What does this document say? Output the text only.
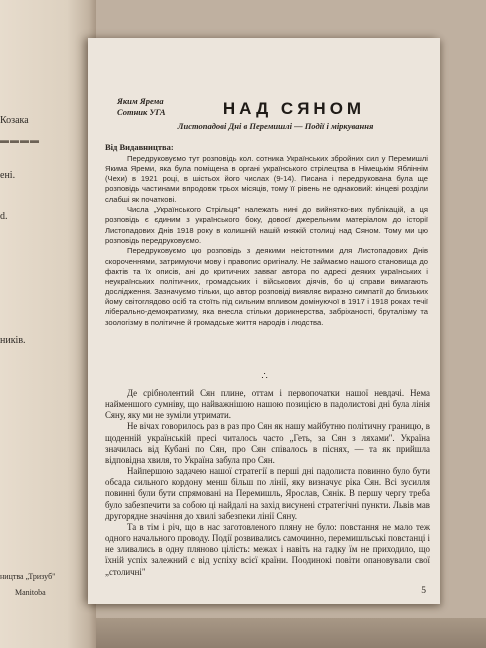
Козака
▬▬▬▬
ені.
d.
ників.
ництва „Тризуб"
Manitoba
Яким Ярема
Сотник УГА	НАД СЯНОМ
Листопадові Дні в Перемишлі — Події і міркування
Від Видавництва:

Передруковуємо тут розповідь кол. сотника Українських збройних сил у Перемишлі Якима Яреми, яка була поміщена в органі українського стрілецтва в Німецькім Ябліннім (Чехи) в 1921 році, в шістьох його числах (9-14). Писана і передрукована була ще розповідь частинами впродовж трьох місяців, тому її рівень не однаковий: кінцеві розділи слабші як початкові.

Числа „Українського Стрільця" належать нині до вийнятко-вих публікацій, а ця розповідь є єдиним з українського боку, довоєї джерельним матеріалом до історії Листопадових Днів 1918 року в колишній нашій княжій столиці над Сяном. Тому ми цю розповідь передруковуємо.

Передруковуємо цю розповідь з деякими неістотними для Листопадових Днів скороченнями, затримуючи мову і правопис оригіналу. Не займаємо нашого становища до фактів та їх описів, ані до критичних завваг автора по адресі деяких українських і неукраїнських політичних, громадських і військових діячів, бо ці справи вимагають дослідження. Зазначуємо тільки, що автор розповіді виявляє виразно симпатії до близьких йому світоглядово осіб та стоїть під сильним впливом домінуючої в 1917 і 1918 роках течії ліберально-демократизму, яка внесла стільки дорикнерства, забріханості, бруталізму та зоологізму в політичне й громадське життя народів і людства.

∴

Де срібнолентий Сян плине, оттам і первопочатки нашої невдачі. Нема найменшого сумніву, що найважнішою нашою позицією в падолистові дні була лінія Сяну, яку ми не зуміли утримати.

Не вічах говорилось раз в раз про Сян як нашу майбутню політичну границю, в щоденній українській пресі читалось часто „Геть, за Сян з ляхами". Україна значилась від Кубані по Сян, про Сян співалось в піснях, — та як прийшла відповідна хвиля, то Україна забула про Сян.

Найпершою задачею нашої стратегії в перші дні падолиста повинно було бути обсада сильного кордону менш більш по лінії, яку визначує ріка Сян. Всі зусилля повинні були бути спрямовані на Перемишль, Ярослав, Сянік. В першу чергу треба було забезпечити за собою ці найдалі на захід висунені стратегічні пункти. Львів мав другорядне значіння до хвилі забезпеки лінії Сяну.

Та в тім і річ, що в нас заготовленого пляну не було: повстання не мало теж одного начального проводу. Події розвивались самочинно, перемишльські повстанці і не зливались в одну пляново цілість: межах і навіть на гадку їм не приходило, що їхній успіх залежний є від успіху всієї країни. Поодинокі повіти опановували свої „столичні"

5
